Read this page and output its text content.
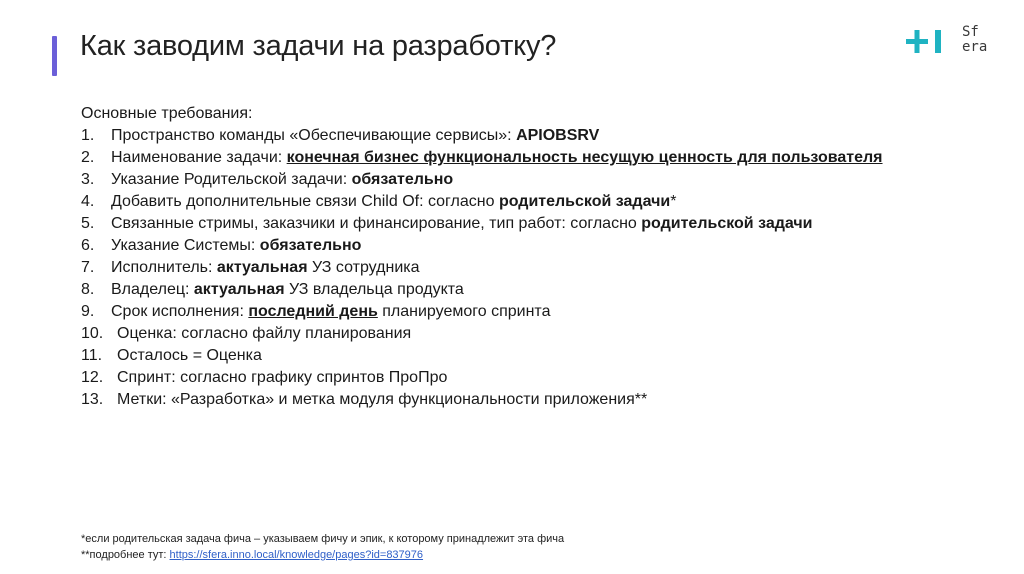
Как заводим задачи на разработку?	Sf
era
Основные требования:
1.	Пространство команды «Обеспечивающие сервисы»: APIOBSRV
2.	Наименование задачи: конечная бизнес функциональность несущую ценность для пользователя
3.	Указание Родительской задачи: обязательно
4.	Добавить дополнительные связи Child Of: согласно родительской задачи*
5.	Связанные стримы, заказчики и финансирование, тип работ: согласно родительской задачи
6.	Указание Системы: обязательно
7.	Исполнитель: актуальная УЗ сотрудника
8.	Владелец: актуальная УЗ владельца продукта
9.	Срок исполнения: последний день планируемого спринта
10. Оценка: согласно файлу планирования
11. Осталось = Оценка
12. Спринт: согласно графику спринтов ПроПро
13. Метки: «Разработка» и метка модуля функциональности приложения**
*если родительская задача фича – указываем фичу и эпик, к которому принадлежит эта фича
**подробнее тут: https://sfera.inno.local/knowledge/pages?id=837976
